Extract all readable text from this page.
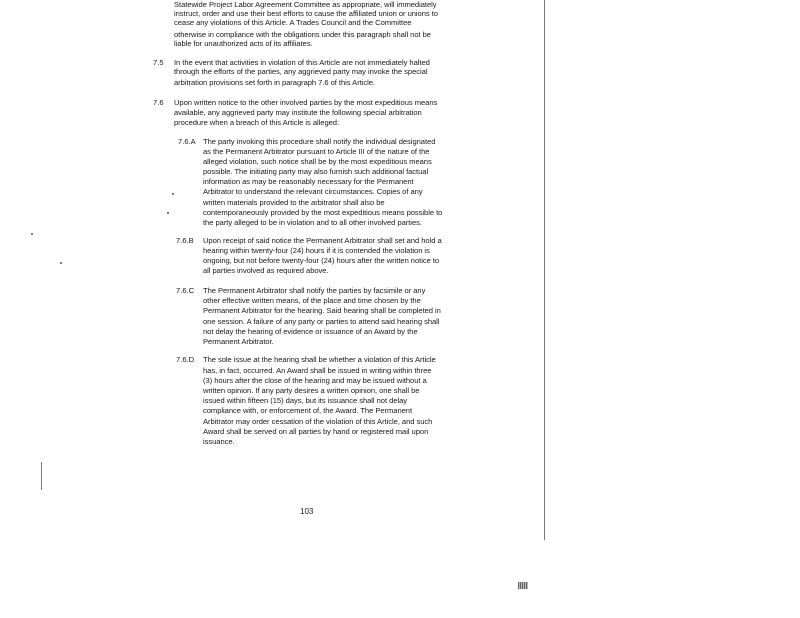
Statewide Project Labor Agreement Committee as appropriate, will immediately
instruct, order and use their best efforts to cause the affiliated union or unions to
cease any violations of this Article. A Trades Council and the Committee
otherwise in compliance with the obligations under this paragraph shall not be
liable for unauthorized acts of its affiliates.
7.5 In the event that activities in violation of this Article are not immediately halted
through the efforts of the parties, any aggrieved party may invoke the special
arbitration provisions set forth in paragraph 7.6 of this Article.
7.6 Upon written notice to the other involved parties by the most expeditious means
available, any aggrieved party may institute the following special arbitration
procedure when a breach of this Article is alleged:
7.6.A The party invoking this procedure shall notify the individual designated
as the Permanent Arbitrator pursuant to Article III of the nature of the
alleged violation, such notice shall be by the most expeditious means
possible. The initiating party may also furnish such additional factual
information as may be reasonably necessary for the Permanent
Arbitrator to understand the relevant circumstances. Copies of any
written materials provided to the arbitrator shall also be
contemporaneously provided by the most expeditious means possible to
the party alleged to be in violation and to all other involved parties.
7.6.B Upon receipt of said notice the Permanent Arbitrator shall set and hold a
hearing within twenty-four (24) hours if it is contended the violation is
ongoing, but not before twenty-four (24) hours after the written notice to
all parties involved as required above.
7.6.C The Permanent Arbitrator shall notify the parties by facsimile or any
other effective written means, of the place and time chosen by the
Permanent Arbitrator for the hearing. Said hearing shall be completed in
one session. A failure of any party or parties to attend said hearing shall
not delay the hearing of evidence or issuance of an Award by the
Permanent Arbitrator.
7.6.D The sole issue at the hearing shall be whether a violation of this Article
has, in fact, occurred. An Award shall be issued in writing within three
(3) hours after the close of the hearing and may be issued without a
written opinion. If any party desires a written opinion, one shall be
issued within fifteen (15) days, but its issuance shall not delay
compliance with, or enforcement of, the Award. The Permanent
Arbitrator may order cessation of the violation of this Article, and such
Award shall be served on all parties by hand or registered mail upon
issuance.
103
